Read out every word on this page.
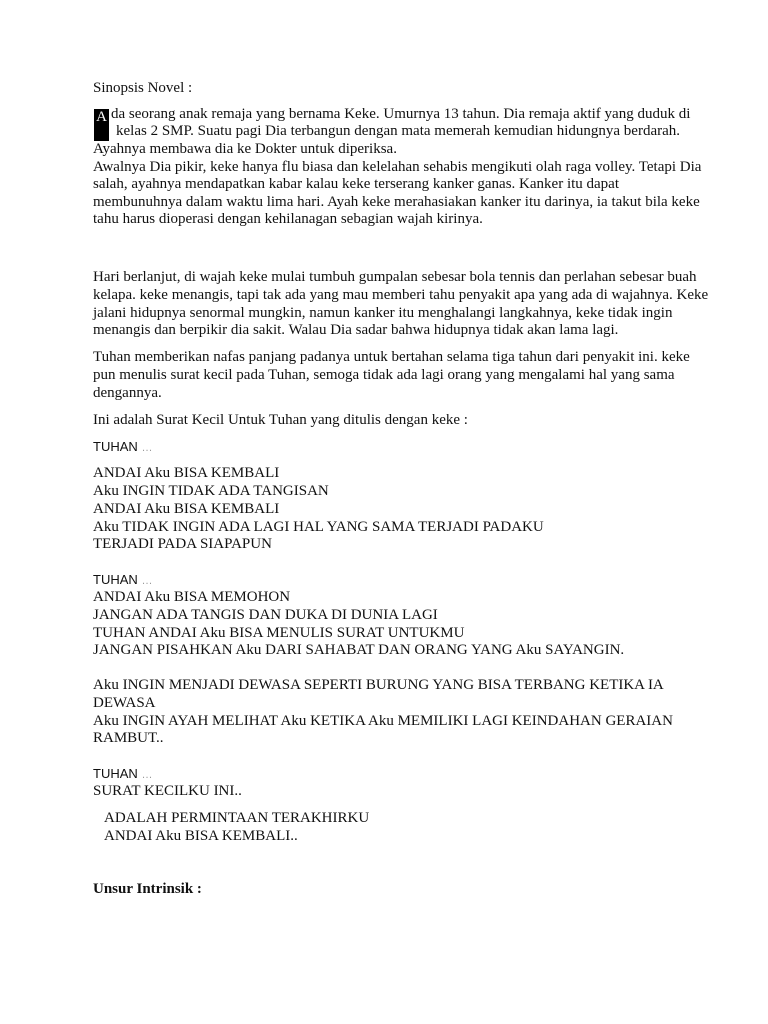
Sinopsis Novel :
A da seorang anak remaja yang bernama Keke. Umurnya 13 tahun. Dia remaja aktif yang duduk di
kelas 2 SMP. Suatu pagi Dia terbangun dengan mata memerah kemudian hidungnya berdarah.
Ayahnya membawa dia ke Dokter untuk diperiksa.
Awalnya Dia pikir, keke hanya flu biasa dan kelelahan sehabis mengikuti olah raga volley. Tetapi Dia
salah, ayahnya mendapatkan kabar kalau keke terserang kanker ganas. Kanker itu dapat
membunuhnya dalam waktu lima hari. Ayah keke merahasiakan kanker itu darinya, ia takut bila keke
tahu harus dioperasi dengan kehilanagan sebagian wajah kirinya.
Hari berlanjut, di wajah keke mulai tumbuh gumpalan sebesar bola tennis dan perlahan sebesar buah
kelapa. keke menangis, tapi tak ada yang mau memberi tahu penyakit apa yang ada di wajahnya. Keke
jalani hidupnya senormal mungkin, namun kanker itu menghalangi langkahnya, keke tidak ingin
menangis dan berpikir dia sakit. Walau Dia sadar bahwa hidupnya tidak akan lama lagi.
Tuhan memberikan nafas panjang padanya untuk bertahan selama tiga tahun dari penyakit ini. keke
pun menulis surat kecil pada Tuhan, semoga tidak ada lagi orang yang mengalami hal yang sama
dengannya.
Ini adalah Surat Kecil Untuk Tuhan yang ditulis dengan keke :
TUHAN …
ANDAI Aku BISA KEMBALI
Aku INGIN TIDAK ADA TANGISAN
ANDAI Aku BISA KEMBALI
Aku TIDAK INGIN ADA LAGI HAL YANG SAMA TERJADI PADAKU
TERJADI PADA SIAPAPUN
TUHAN …
ANDAI Aku BISA MEMOHON
JANGAN ADA TANGIS DAN DUKA DI DUNIA LAGI
TUHAN ANDAI Aku BISA MENULIS SURAT UNTUKMU
JANGAN PISAHKAN Aku DARI SAHABAT DAN ORANG YANG Aku SAYANGIN.
Aku INGIN MENJADI DEWASA SEPERTI BURUNG YANG BISA TERBANG KETIKA IA
DEWASA
Aku INGIN AYAH MELIHAT Aku KETIKA Aku MEMILIKI LAGI KEINDAHAN GERAIAN
RAMBUT..
TUHAN …
SURAT KECILKU INI..
ADALAH PERMINTAAN TERAKHIRKU
ANDAI Aku BISA KEMBALI..
Unsur Intrinsik :
